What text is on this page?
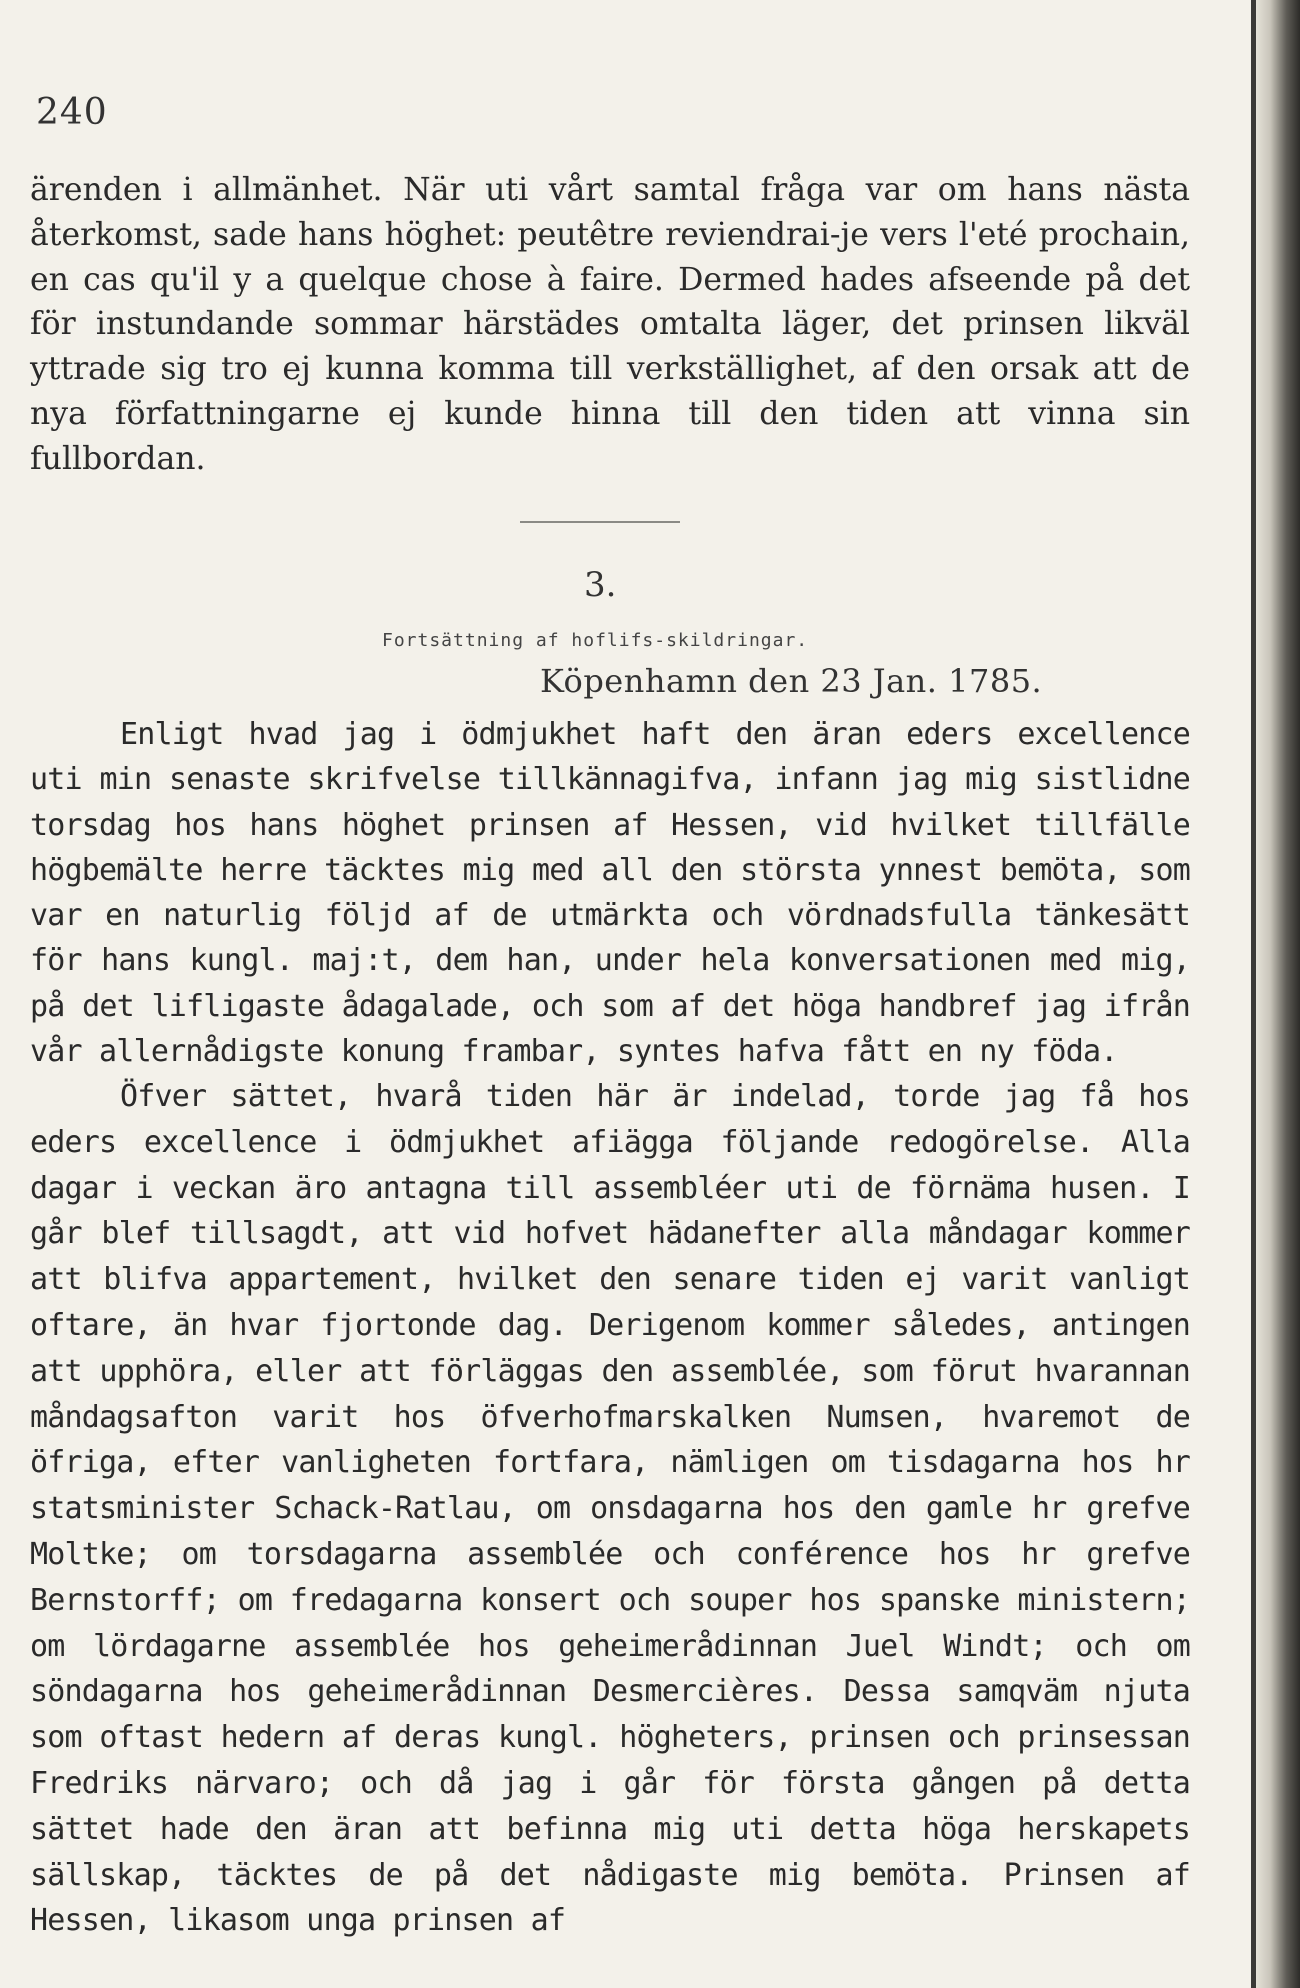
240
ärenden i allmänhet. När uti vårt samtal fråga var om hans nästa återkomst, sade hans höghet: peutêtre reviendrai-je vers l'eté prochain, en cas qu'il y a quelque chose à faire. Dermed hades afseende på det för instundande sommar härstädes omtalta läger, det prinsen likväl yttrade sig tro ej kunna komma till verkställighet, af den orsak att de nya författningarne ej kunde hinna till den tiden att vinna sin fullbordan.
3.
Fortsättning af hoflifs-skildringar.
Köpenhamn den 23 Jan. 1785.
Enligt hvad jag i ödmjukhet haft den äran eders excellence uti min senaste skrifvelse tillkännagifva, infann jag mig sistlidne torsdag hos hans höghet prinsen af Hessen, vid hvilket tillfälle högbemälte herre täcktes mig med all den största ynnest bemöta, som var en naturlig följd af de utmärkta och vördnadsfulla tänkesätt för hans kungl. maj:t, dem han, under hela konversationen med mig, på det lifligaste ådagalade, och som af det höga handbref jag ifrån vår allernådigste konung frambar, syntes hafva fått en ny föda.
Öfver sättet, hvarå tiden här är indelad, torde jag få hos eders excellence i ödmjukhet afiägga följande redogörelse. Alla dagar i veckan äro antagna till assembléer uti de förnäma husen. I går blef tillsagdt, att vid hofvet hädanefter alla måndagar kommer att blifva appartement, hvilket den senare tiden ej varit vanligt oftare, än hvar fjortonde dag. Derigenom kommer således, antingen att upphöra, eller att förläggas den assemblée, som förut hvarannan måndagsafton varit hos öfverhofmarskalken Numsen, hvaremot de öfriga, efter vanligheten fortfara, nämligen om tisdagarna hos hr statsminister Schack-Ratlau, om onsdagarna hos den gamle hr grefve Moltke; om torsdagarna assemblée och conférence hos hr grefve Bernstorff; om fredagarna konsert och souper hos spanske ministern; om lördagarne assemblée hos geheimerådinnan Juel Windt; och om söndagarna hos geheimerådinnan Desmercières. Dessa samqväm njuta som oftast hedern af deras kungl. högheters, prinsen och prinsessan Fredriks närvaro; och då jag i går för första gången på detta sättet hade den äran att befinna mig uti detta höga herskapets sällskap, täcktes de på det nådigaste mig bemöta. Prinsen af Hessen, likasom unga prinsen af
